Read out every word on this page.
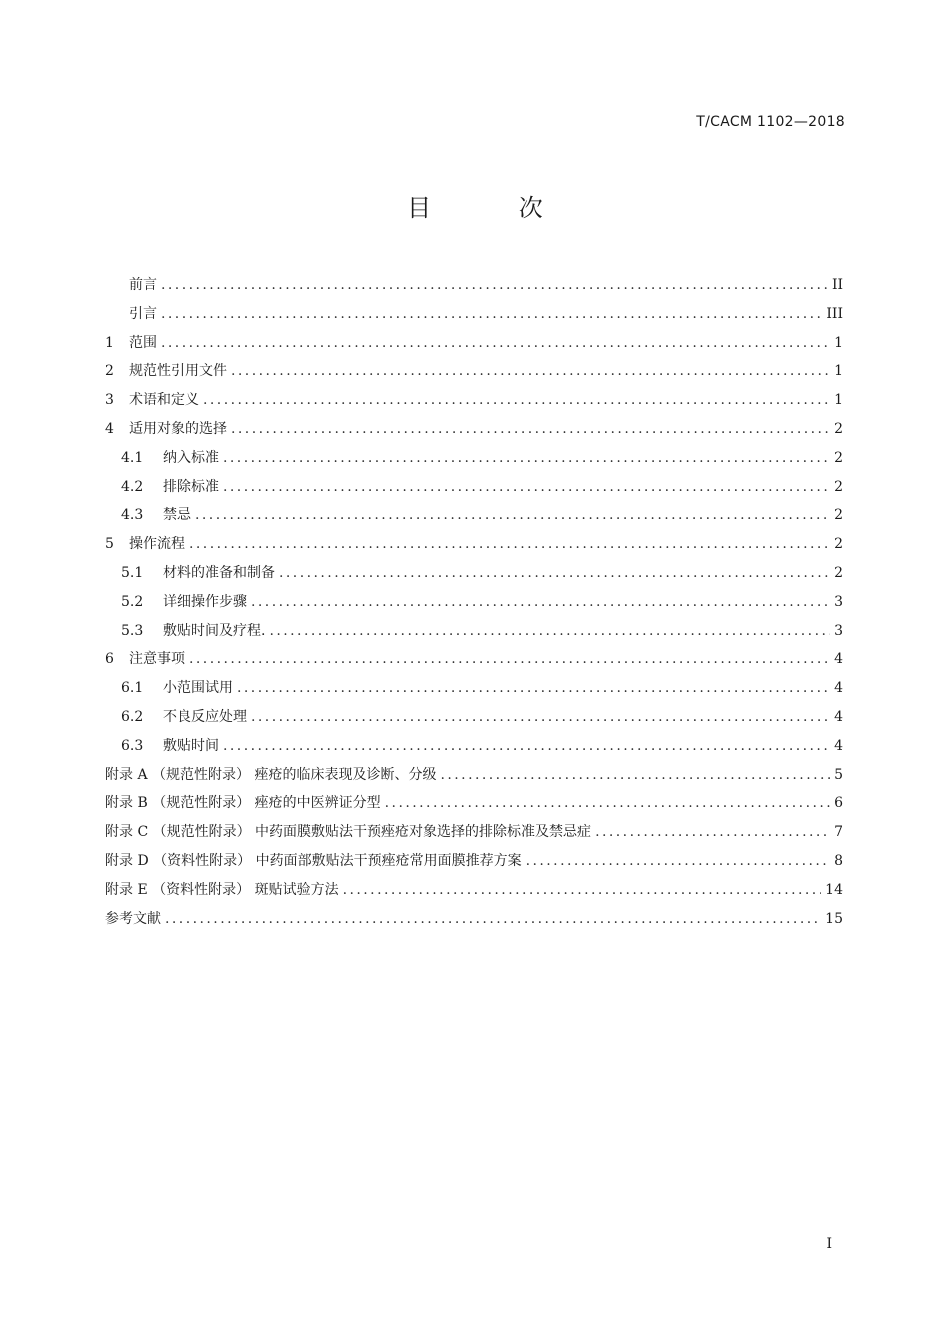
T/CACM 1102—2018
目 次
前言 . . .	II
引言 . . .	III
1	范围 . . .	1
2	规范性引用文件 . . .	1
3	术语和定义 . . .	1
4	适用对象的选择 . . .	2
4.1	纳入标准 . . .	2
4.2	排除标准 . . .	2
4.3	禁忌 . . .	2
5	操作流程 . . .	2
5.1	材料的准备和制备 . . .	2
5.2	详细操作步骤 . . .	3
5.3	敷贴时间及疗程. . . .	3
6	注意事项 . . .	4
6.1	小范围试用 . . .	4
6.2	不良反应处理 . . .	4
6.3	敷贴时间 . . .	4
附录 A （规范性附录） 痤疮的临床表现及诊断、分级 . . .	5
附录 B （规范性附录） 痤疮的中医辨证分型 . . .	6
附录 C （规范性附录） 中药面膜敷贴法干预痤疮对象选择的排除标准及禁忌症 . . .	7
附录 D （资料性附录） 中药面部敷贴法干预痤疮常用面膜推荐方案 . . .	8
附录 E （资料性附录） 斑贴试验方法 . . .	14
参考文献 . . .	15
I
